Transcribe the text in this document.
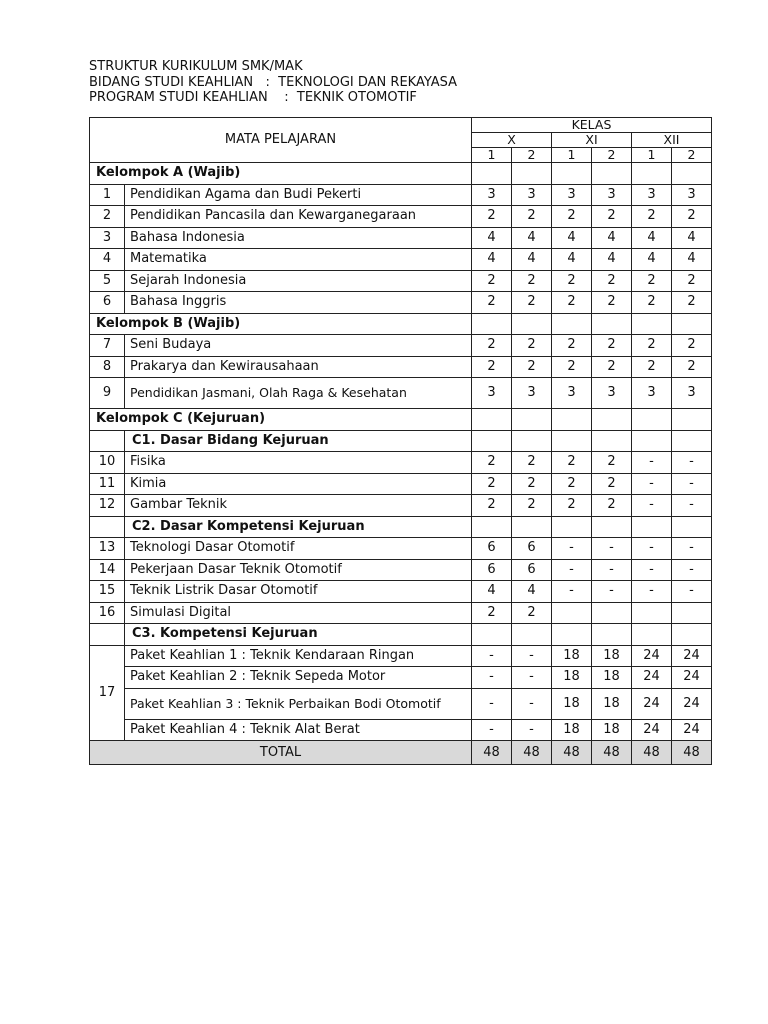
STRUKTUR KURIKULUM SMK/MAK
BIDANG STUDI KEAHLIAN   :  TEKNOLOGI DAN REKAYASA
PROGRAM STUDI KEAHLIAN    :  TEKNIK OTOMOTIF
MATA PELAJARAN		KELAS					
		X		XI		XII	
		1	2	1	2	1	2
Kelompok A (Wajib)							
1	Pendidikan Agama dan Budi Pekerti	3	3	3	3	3	3
2	Pendidikan Pancasila dan Kewarganegaraan	2	2	2	2	2	2
3	Bahasa Indonesia	4	4	4	4	4	4
4	Matematika	4	4	4	4	4	4
5	Sejarah Indonesia	2	2	2	2	2	2
6	Bahasa Inggris	2	2	2	2	2	2
Kelompok B (Wajib)							
7	Seni Budaya	2	2	2	2	2	2
8	Prakarya dan Kewirausahaan	2	2	2	2	2	2
9	Pendidikan Jasmani, Olah Raga & Kesehatan	3	3	3	3	3	3
Kelompok C (Kejuruan)							
	C1. Dasar Bidang Kejuruan						
10	Fisika	2	2	2	2	-	-
11	Kimia	2	2	2	2	-	-
12	Gambar Teknik	2	2	2	2	-	-
	C2. Dasar Kompetensi Kejuruan						
13	Teknologi Dasar Otomotif	6	6	-	-	-	-
14	Pekerjaan Dasar Teknik Otomotif	6	6	-	-	-	-
15	Teknik Listrik Dasar Otomotif	4	4	-	-	-	-
16	Simulasi Digital	2	2				
	C3. Kompetensi Kejuruan						
17	Paket Keahlian 1 : Teknik Kendaraan Ringan	-	-	18	18	24	24
	Paket Keahlian 2 : Teknik Sepeda Motor	-	-	18	18	24	24
	Paket Keahlian 3 : Teknik Perbaikan Bodi Otomotif	-	-	18	18	24	24
	Paket Keahlian 4 : Teknik Alat Berat	-	-	18	18	24	24
TOTAL		48	48	48	48	48	48
